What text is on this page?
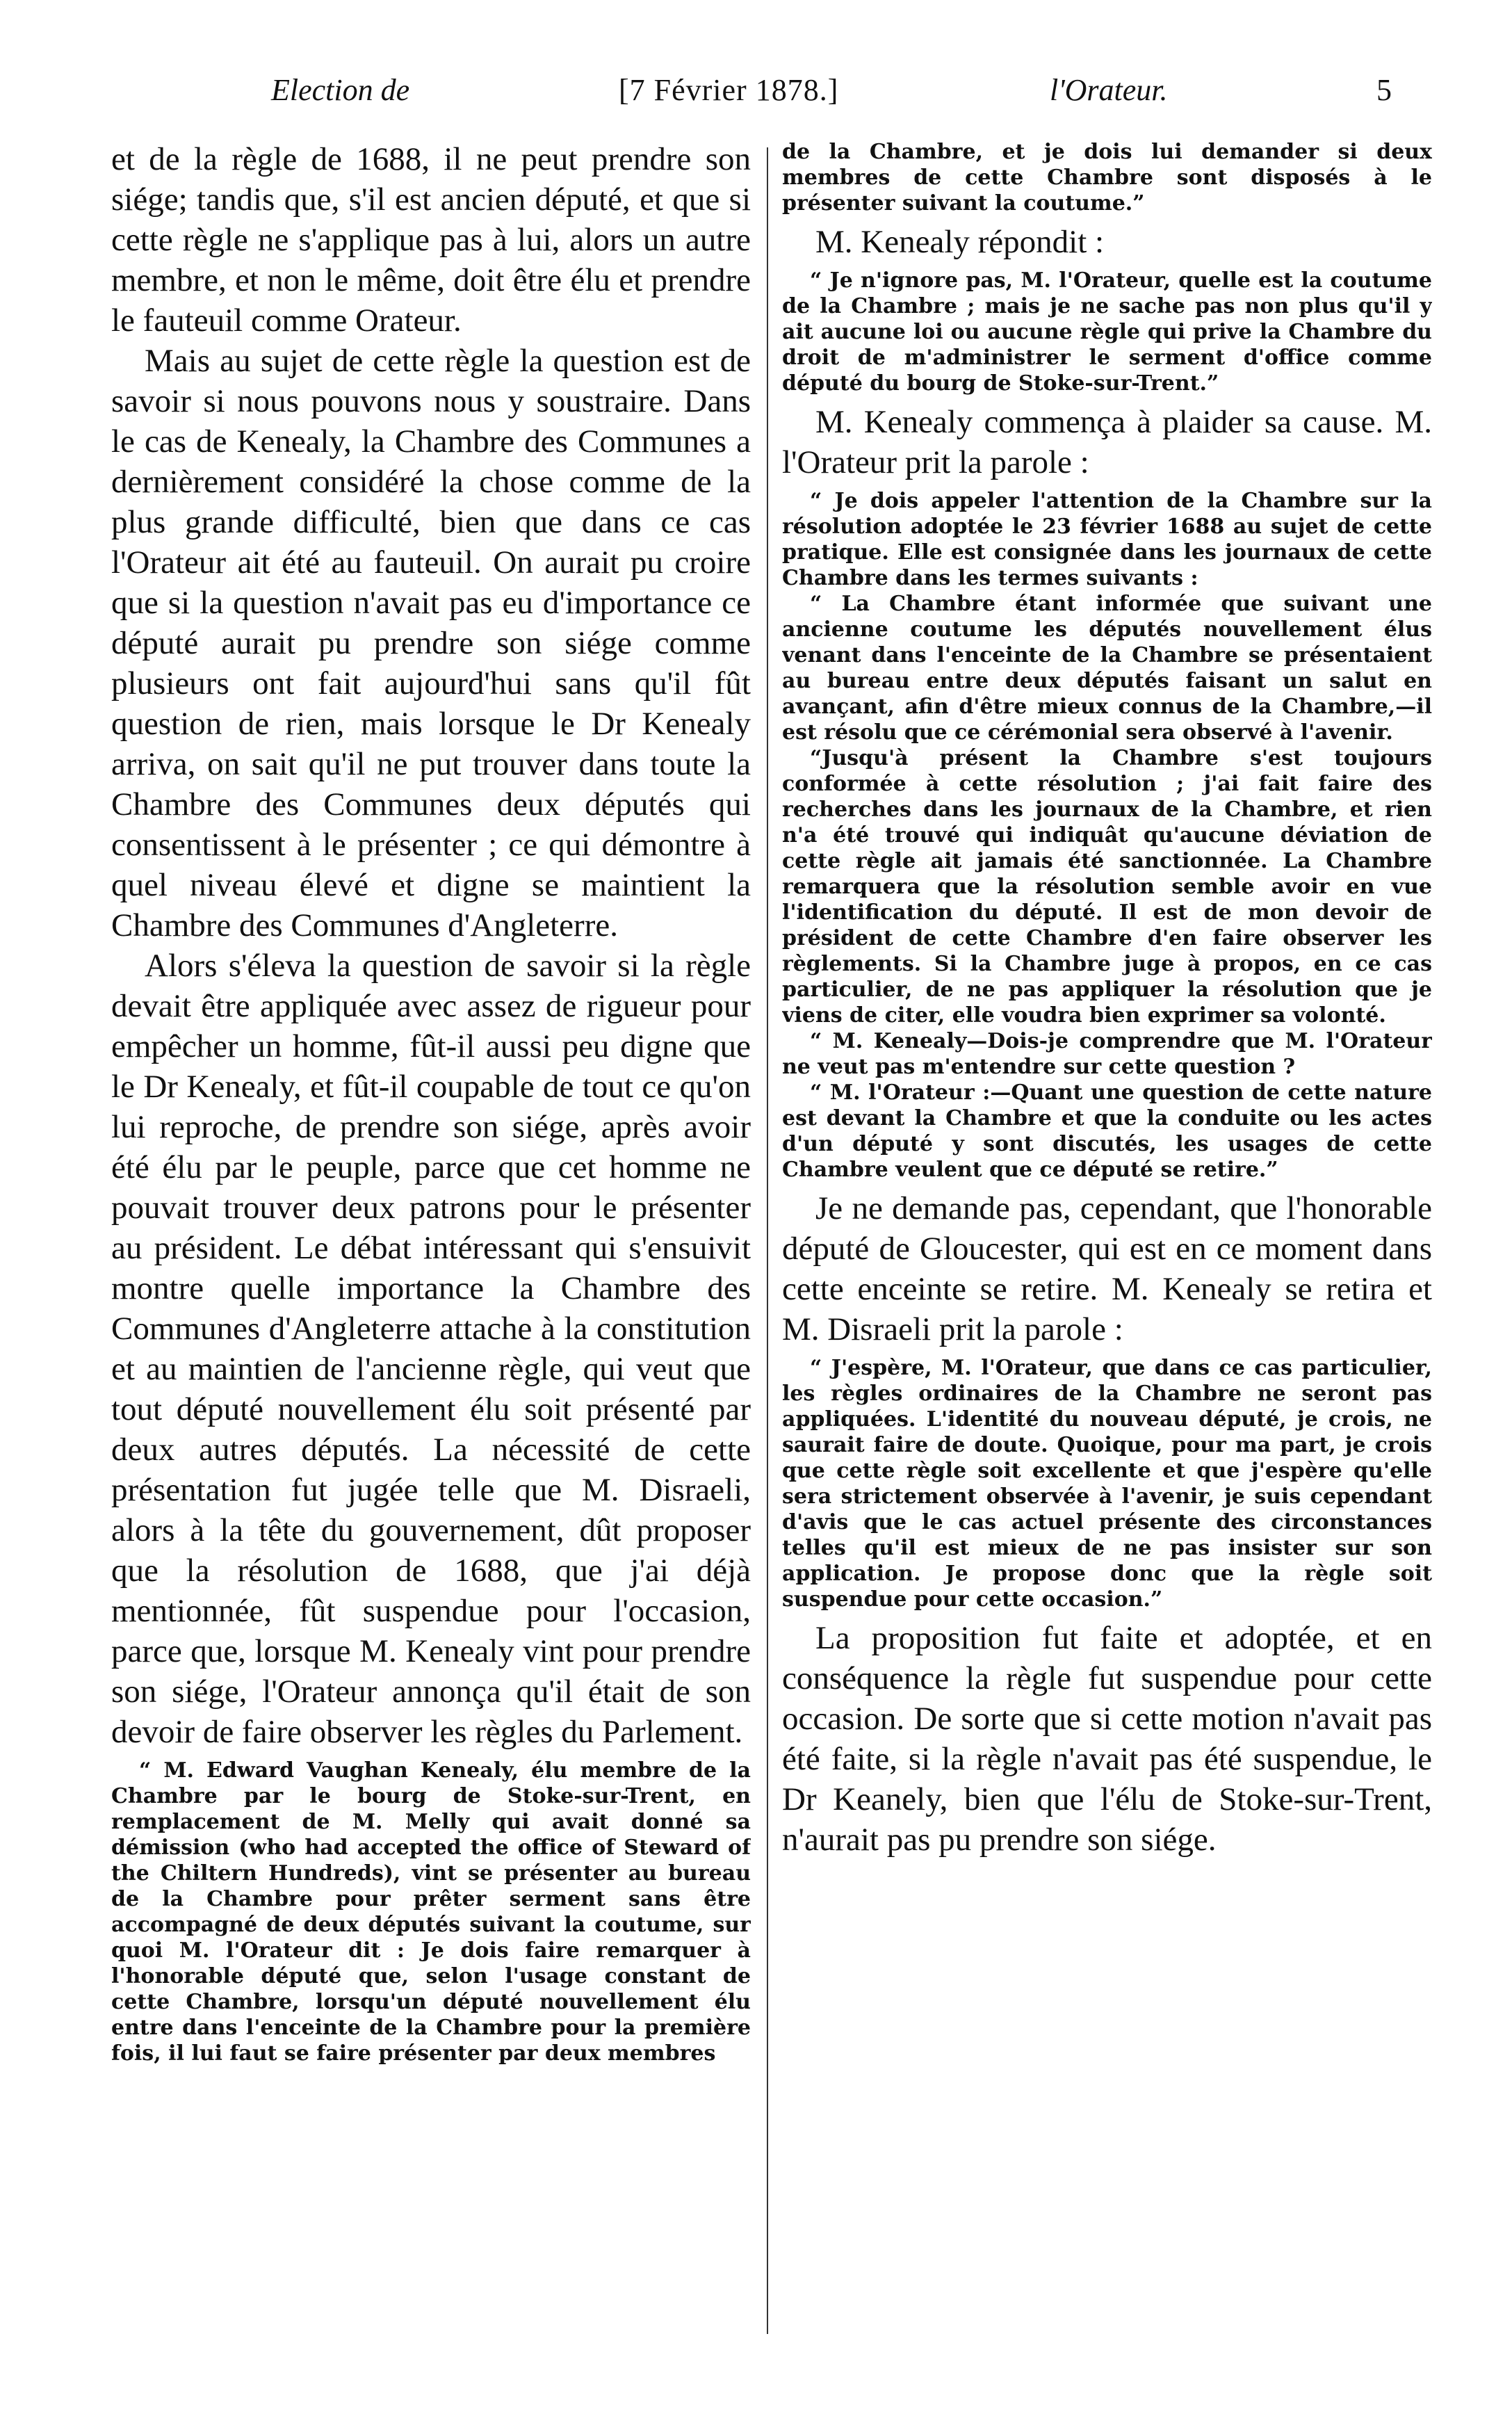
Election de	[7 Février 1878.]	l'Orateur.	5

et de la règle de 1688, il ne peut prendre son siége; tandis que, s'il est ancien député, et que si cette règle ne s'applique pas à lui, alors un autre membre, et non le même, doit être élu et prendre le fauteuil comme Orateur.

Mais au sujet de cette règle la question est de savoir si nous pouvons nous y soustraire. Dans le cas de Kenealy, la Chambre des Communes a dernièrement considéré la chose comme de la plus grande difficulté, bien que dans ce cas l'Orateur ait été au fauteuil. On aurait pu croire que si la question n'avait pas eu d'importance ce député aurait pu prendre son siége comme plusieurs ont fait aujourd'hui sans qu'il fût question de rien, mais lorsque le Dr Kenealy arriva, on sait qu'il ne put trouver dans toute la Chambre des Communes deux députés qui consentissent à le présenter ; ce qui démontre à quel niveau élevé et digne se maintient la Chambre des Communes d'Angleterre.

Alors s'éleva la question de savoir si la règle devait être appliquée avec assez de rigueur pour empêcher un homme, fût-il aussi peu digne que le Dr Kenealy, et fût-il coupable de tout ce qu'on lui reproche, de prendre son siége, après avoir été élu par le peuple, parce que cet homme ne pouvait trouver deux patrons pour le présenter au président. Le débat intéressant qui s'ensuivit montre quelle importance la Chambre des Communes d'Angleterre attache à la constitution et au maintien de l'ancienne règle, qui veut que tout député nouvellement élu soit présenté par deux autres députés. La nécessité de cette présentation fut jugée telle que M. Disraeli, alors à la tête du gouvernement, dût proposer que la résolution de 1688, que j'ai déjà mentionnée, fût suspendue pour l'occasion, parce que, lorsque M. Kenealy vint pour prendre son siége, l'Orateur annonça qu'il était de son devoir de faire observer les règles du Parlement.

“ M. Edward Vaughan Kenealy, élu membre de la Chambre par le bourg de Stoke-sur-Trent, en remplacement de M. Melly qui avait donné sa démission (who had accepted the office of Steward of the Chiltern Hundreds), vint se présenter au bureau de la Chambre pour prêter serment sans être accompagné de deux députés suivant la coutume, sur quoi M. l'Orateur dit : Je dois faire remarquer à l'honorable député que, selon l'usage constant de cette Chambre, lorsqu'un député nouvellement élu entre dans l'enceinte de la Chambre pour la première fois, il lui faut se faire présenter par deux membres

de la Chambre, et je dois lui demander si deux membres de cette Chambre sont disposés à le présenter suivant la coutume.”

M. Kenealy répondit :

“ Je n'ignore pas, M. l'Orateur, quelle est la coutume de la Chambre ; mais je ne sache pas non plus qu'il y ait aucune loi ou aucune règle qui prive la Chambre du droit de m'administrer le serment d'office comme député du bourg de Stoke-sur-Trent.”

M. Kenealy commença à plaider sa cause. M. l'Orateur prit la parole :

“ Je dois appeler l'attention de la Chambre sur la résolution adoptée le 23 février 1688 au sujet de cette pratique. Elle est consignée dans les journaux de cette Chambre dans les termes suivants :

“ La Chambre étant informée que suivant une ancienne coutume les députés nouvellement élus venant dans l'enceinte de la Chambre se présentaient au bureau entre deux députés faisant un salut en avançant, afin d'être mieux connus de la Chambre,—il est résolu que ce cérémonial sera observé à l'avenir.

“Jusqu'à présent la Chambre s'est toujours conformée à cette résolution ; j'ai fait faire des recherches dans les journaux de la Chambre, et rien n'a été trouvé qui indiquât qu'aucune déviation de cette règle ait jamais été sanctionnée. La Chambre remarquera que la résolution semble avoir en vue l'identification du député. Il est de mon devoir de président de cette Chambre d'en faire observer les règlements. Si la Chambre juge à propos, en ce cas particulier, de ne pas appliquer la résolution que je viens de citer, elle voudra bien exprimer sa volonté.

“ M. Kenealy—Dois-je comprendre que M. l'Orateur ne veut pas m'entendre sur cette question ?

“ M. l'Orateur :—Quant une question de cette nature est devant la Chambre et que la conduite ou les actes d'un député y sont discutés, les usages de cette Chambre veulent que ce député se retire.”

Je ne demande pas, cependant, que l'honorable député de Gloucester, qui est en ce moment dans cette enceinte se retire. M. Kenealy se retira et M. Disraeli prit la parole :

“ J'espère, M. l'Orateur, que dans ce cas particulier, les règles ordinaires de la Chambre ne seront pas appliquées. L'identité du nouveau député, je crois, ne saurait faire de doute. Quoique, pour ma part, je crois que cette règle soit excellente et que j'espère qu'elle sera strictement observée à l'avenir, je suis cependant d'avis que le cas actuel présente des circonstances telles qu'il est mieux de ne pas insister sur son application. Je propose donc que la règle soit suspendue pour cette occasion.”

La proposition fut faite et adoptée, et en conséquence la règle fut suspendue pour cette occasion. De sorte que si cette motion n'avait pas été faite, si la règle n'avait pas été suspendue, le Dr Keanely, bien que l'élu de Stoke-sur-Trent, n'aurait pas pu prendre son siége.
